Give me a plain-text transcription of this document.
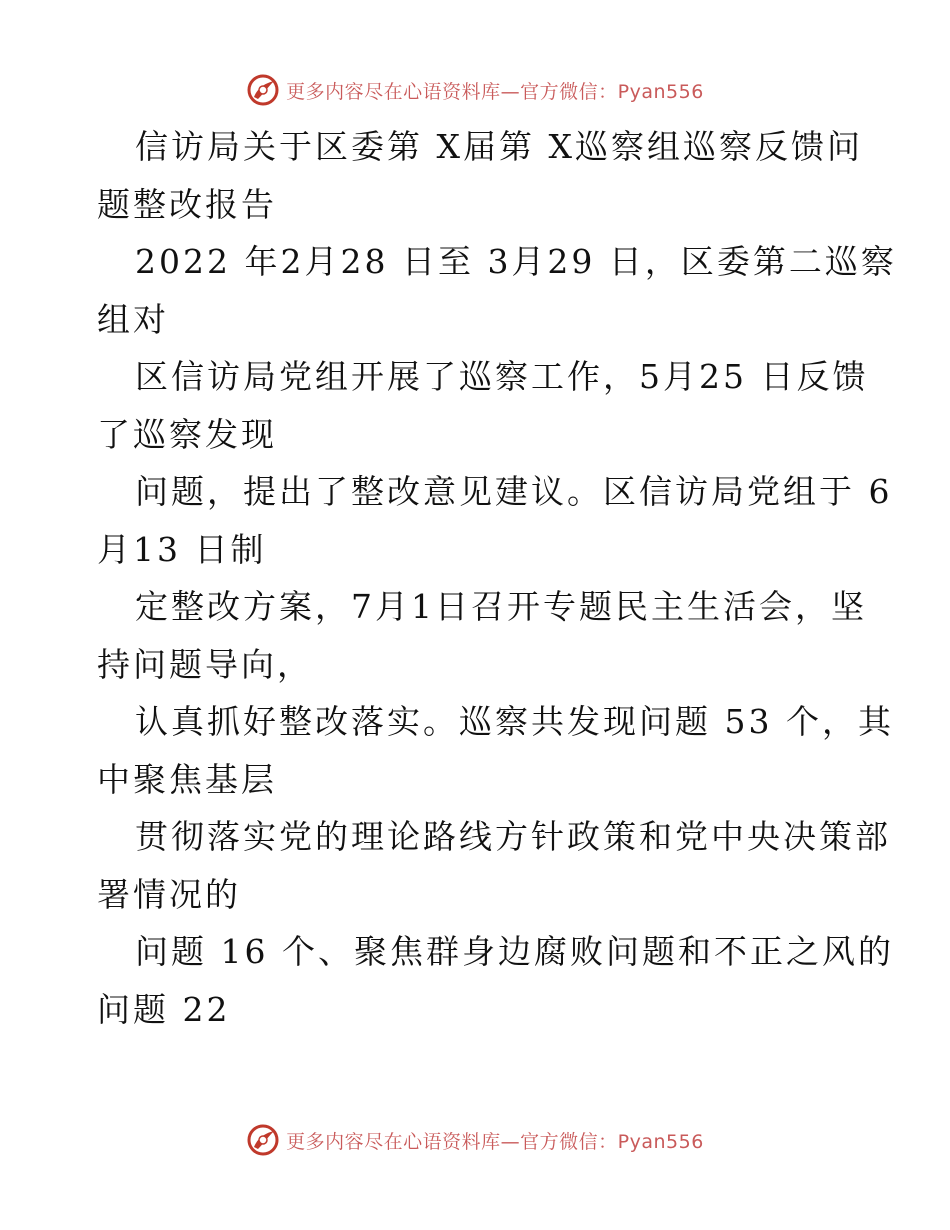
更多内容尽在心语资料库—官方微信：Pyan556
信访局关于区委第 X届第 X巡察组巡察反馈问
题整改报告
2022 年2月28 日至 3月29 日，区委第二巡察
组对
区信访局党组开展了巡察工作，5月25 日反馈
了巡察发现
问题，提出了整改意见建议。区信访局党组于 6
月13 日制
定整改方案，7月1日召开专题民主生活会，坚
持问题导向，
认真抓好整改落实。巡察共发现问题 53 个，其
中聚焦基层
贯彻落实党的理论路线方针政策和党中央决策部
署情况的
问题 16 个、聚焦群身边腐败问题和不正之风的
问题 22
更多内容尽在心语资料库—官方微信：Pyan556
